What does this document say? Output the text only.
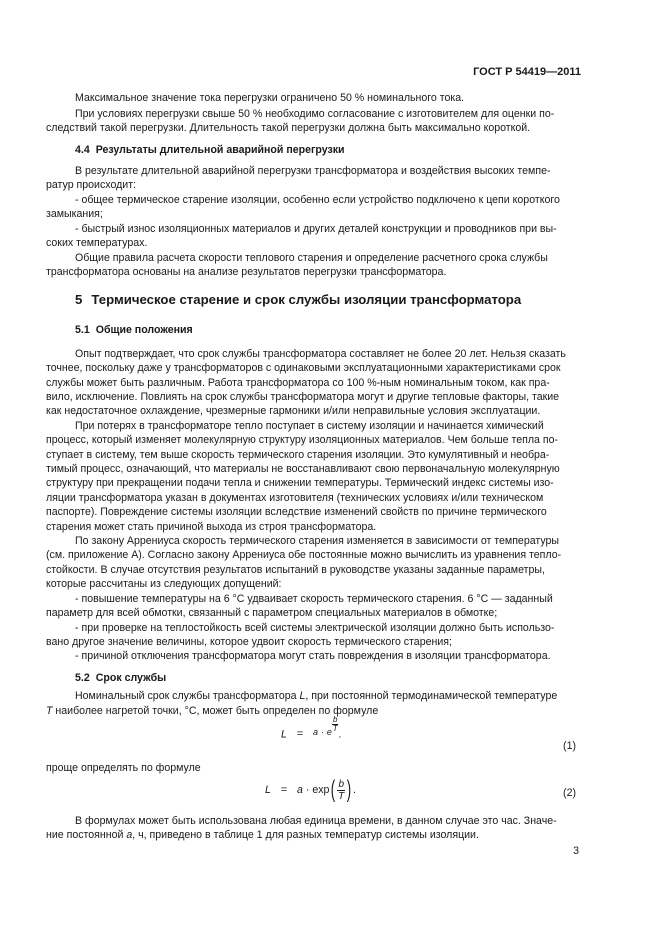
ГОСТ Р 54419—2011
Максимальное значение тока перегрузки ограничено 50 % номинального тока.
При условиях перегрузки свыше 50 % необходимо согласование с изготовителем для оценки по-
следствий такой перегрузки. Длительность такой перегрузки должна быть максимально короткой.
В результате длительной аварийной перегрузки трансформатора и воздействия высоких темпе-
ратур происходит:
- общее термическое старение изоляции, особенно если устройство подключено к цепи короткого
замыкания;
- быстрый износ изоляционных материалов и других деталей конструкции и проводников при вы-
соких температурах.
Общие правила расчета скорости теплового старения и определение расчетного срока службы
трансформатора основаны на анализе результатов перегрузки трансформатора.
Опыт подтверждает, что срок службы трансформатора составляет не более 20 лет. Нельзя сказать
точнее, поскольку даже у трансформаторов с одинаковыми эксплуатационными характеристиками срок
службы может быть различным. Работа трансформатора со 100 %-ным номинальным током, как пра-
вило, исключение. Повлиять на срок службы трансформатора могут и другие тепловые факторы, такие
как недостаточное охлаждение, чрезмерные гармоники и/или неправильные условия эксплуатации.
При потерях в трансформаторе тепло поступает в систему изоляции и начинается химический
процесс, который изменяет молекулярную структуру изоляционных материалов. Чем больше тепла по-
ступает в систему, тем выше скорость термического старения изоляции. Это кумулятивный и необра-
тимый процесс, означающий, что материалы не восстанавливают свою первоначальную молекулярную
структуру при прекращении подачи тепла и снижении температуры. Термический индекс системы изо-
ляции трансформатора указан в документах изготовителя (технических условиях и/или техническом
паспорте). Повреждение системы изоляции вследствие изменений свойств по причине термического
старения может стать причиной выхода из строя трансформатора.
По закону Аррениуса скорость термического старения изменяется в зависимости от температуры
(см. приложение А). Согласно закону Аррениуса обе постоянные можно вычислить из уравнения тепло-
стойкости. В случае отсутствия результатов испытаний в руководстве указаны заданные параметры,
которые рассчитаны из следующих допущений:
- повышение температуры на 6 °С удваивает скорость термического старения. 6 °С — заданный
параметр для всей обмотки, связанный с параметром специальных материалов в обмотке;
- при проверке на теплостойкость всей системы электрической изоляции должно быть использо-
вано другое значение величины, которое удвоит скорость термического старения;
- причиной отключения трансформатора могут стать повреждения в изоляции трансформатора.
проще определять по формуле
В формулах может быть использована любая единица времени, в данном случае это час. Значе-
4.4 Результаты длительной аварийной перегрузки
5 Термическое старение и срок службы изоляции трансформатора
5.1 Общие положения
5.2 Срок службы
Номинальный срок службы трансформатора L, при постоянной термодинамической температуре
T наиболее нагретой точки, °С, может быть определен по формуле
L = a · e $\frac{b}{T}$
.
(1)
$L = a \cdot \exp( \frac{b}{T}$ ) .	(2)
ние постоянной a, ч, приведено в таблице 1 для разных температур системы изоляции.
3
